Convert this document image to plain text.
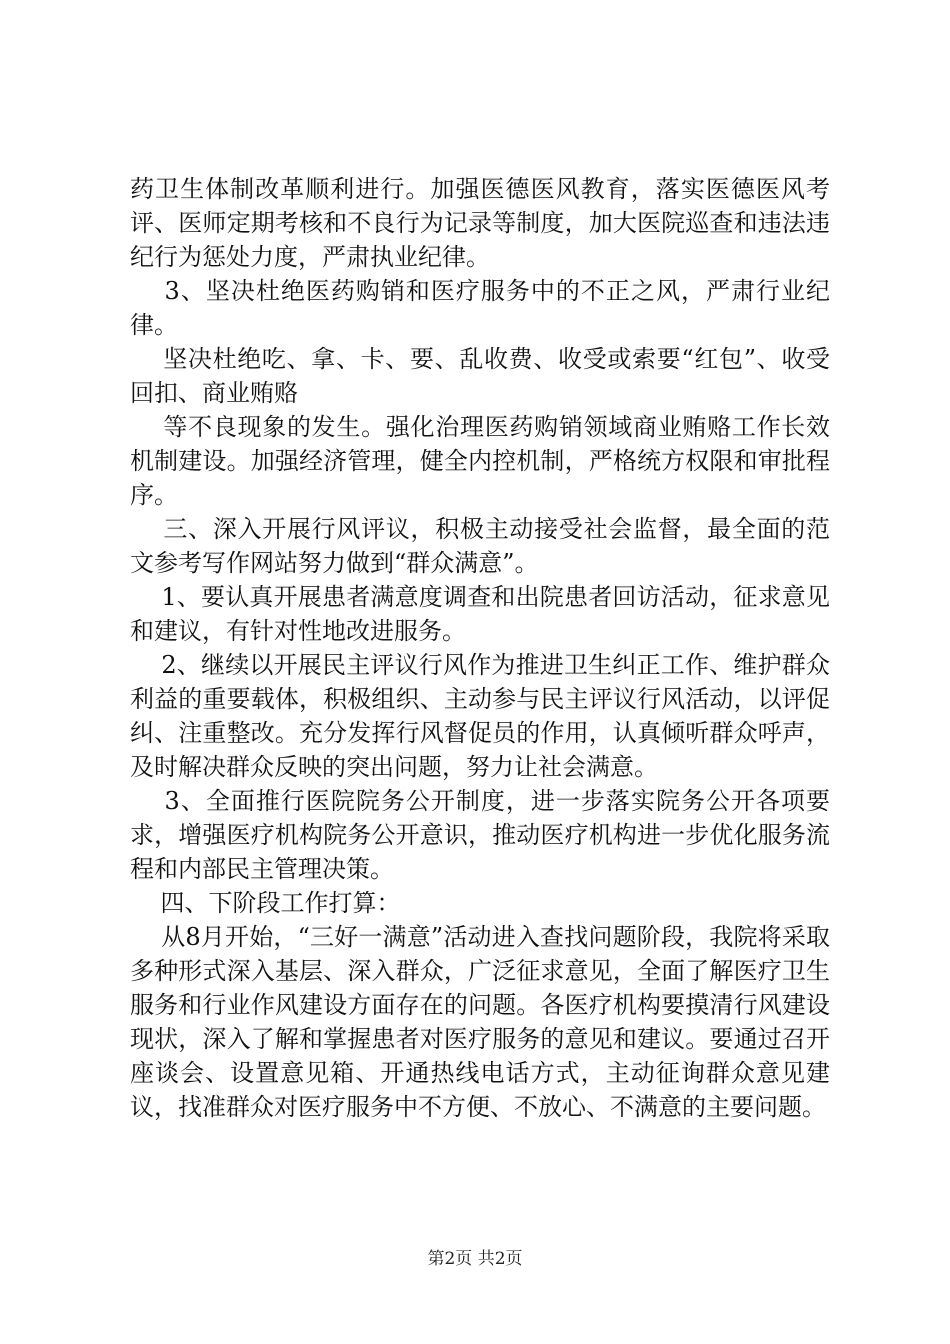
药卫生体制改革顺利进行。加强医德医风教育，落实医德医风考评、医师定期考核和不良行为记录等制度，加大医院巡查和违法违纪行为惩处力度，严肃执业纪律。

3、坚决杜绝医药购销和医疗服务中的不正之风，严肃行业纪律。

坚决杜绝吃、拿、卡、要、乱收费、收受或索要“红包”、收受回扣、商业贿赂

等不良现象的发生。强化治理医药购销领域商业贿赂工作长效机制建设。加强经济管理，健全内控机制，严格统方权限和审批程序。

三、深入开展行风评议，积极主动接受社会监督，最全面的范文参考写作网站努力做到“群众满意”。

1、要认真开展患者满意度调查和出院患者回访活动，征求意见和建议，有针对性地改进服务。

2、继续以开展民主评议行风作为推进卫生纠正工作、维护群众利益的重要载体，积极组织、主动参与民主评议行风活动，以评促纠、注重整改。充分发挥行风督促员的作用，认真倾听群众呼声，及时解决群众反映的突出问题，努力让社会满意。

3、全面推行医院院务公开制度，进一步落实院务公开各项要求，增强医疗机构院务公开意识，推动医疗机构进一步优化服务流程和内部民主管理决策。

四、下阶段工作打算：

从8月开始，“三好一满意”活动进入查找问题阶段，我院将采取多种形式深入基层、深入群众，广泛征求意见，全面了解医疗卫生服务和行业作风建设方面存在的问题。各医疗机构要摸清行风建设现状，深入了解和掌握患者对医疗服务的意见和建议。要通过召开座谈会、设置意见箱、开通热线电话方式，主动征询群众意见建议，找准群众对医疗服务中不方便、不放心、不满意的主要问题。

第2页 共2页
